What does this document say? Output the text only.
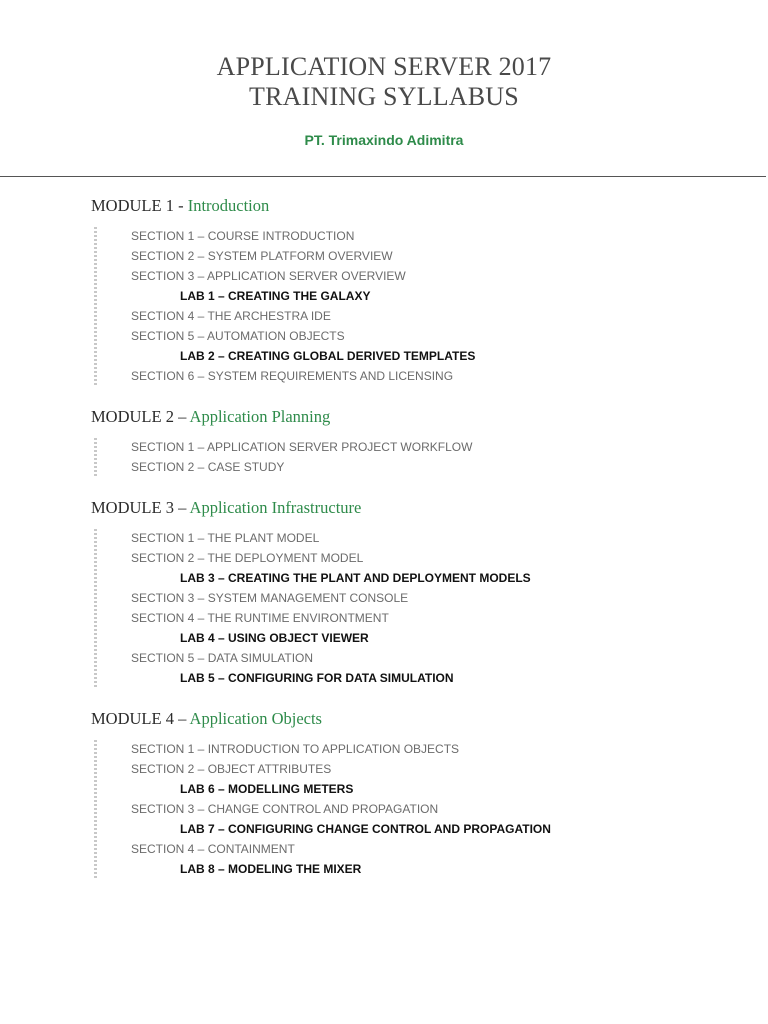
APPLICATION SERVER 2017
TRAINING SYLLABUS
PT. Trimaxindo Adimitra
MODULE 1 - Introduction
SECTION 1 – COURSE INTRODUCTION
SECTION 2 – SYSTEM PLATFORM OVERVIEW
SECTION 3 – APPLICATION SERVER OVERVIEW
LAB 1 – CREATING THE GALAXY
SECTION 4 – THE ARCHESTRA IDE
SECTION 5 – AUTOMATION OBJECTS
LAB 2 – CREATING GLOBAL DERIVED TEMPLATES
SECTION 6 – SYSTEM REQUIREMENTS AND LICENSING
MODULE 2 – Application Planning
SECTION 1 – APPLICATION SERVER PROJECT WORKFLOW
SECTION 2 – CASE STUDY
MODULE 3 – Application Infrastructure
SECTION 1 – THE PLANT MODEL
SECTION 2 – THE DEPLOYMENT MODEL
LAB 3 – CREATING THE PLANT AND DEPLOYMENT MODELS
SECTION 3 – SYSTEM MANAGEMENT CONSOLE
SECTION 4 – THE RUNTIME ENVIRONTMENT
LAB 4 – USING OBJECT VIEWER
SECTION 5 – DATA SIMULATION
LAB 5 – CONFIGURING FOR DATA SIMULATION
MODULE 4 – Application Objects
SECTION 1 – INTRODUCTION TO APPLICATION OBJECTS
SECTION 2 – OBJECT ATTRIBUTES
LAB 6 – MODELLING METERS
SECTION 3 – CHANGE CONTROL AND PROPAGATION
LAB 7 – CONFIGURING CHANGE CONTROL AND PROPAGATION
SECTION 4 – CONTAINMENT
LAB 8 – MODELING THE MIXER
